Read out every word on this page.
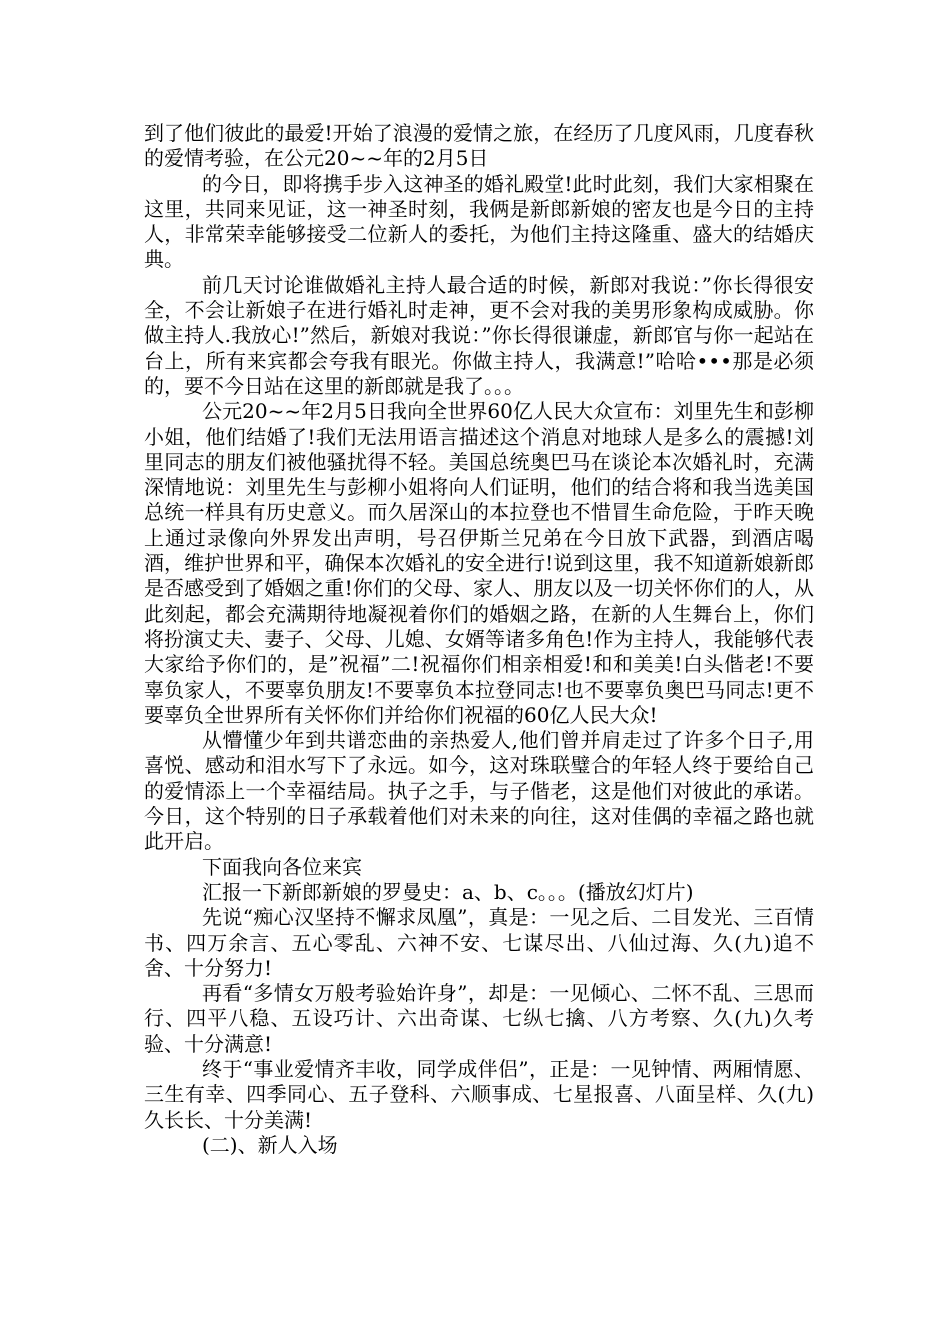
到了他们彼此的最爱!开始了浪漫的爱情之旅，在经历了几度风雨，几度春秋的爱情考验，在公元20~~年的2月5日

的今日，即将携手步入这神圣的婚礼殿堂!此时此刻，我们大家相聚在这里，共同来见证，这一神圣时刻，我俩是新郎新娘的密友也是今日的主持人，非常荣幸能够接受二位新人的委托，为他们主持这隆重、盛大的结婚庆典。

前几天讨论谁做婚礼主持人最合适的时候，新郎对我说：”你长得很安全，不会让新娘子在进行婚礼时走神，更不会对我的美男形象构成威胁。你做主持人.我放心!”然后，新娘对我说：”你长得很谦虚，新郎官与你一起站在台上，所有来宾都会夸我有眼光。你做主持人，我满意!”哈哈•••那是必须的，要不今日站在这里的新郎就是我了。。。

公元20~~年2月5日我向全世界60亿人民大众宣布：刘里先生和彭柳小姐，他们结婚了!我们无法用语言描述这个消息对地球人是多么的震撼!刘里同志的朋友们被他骚扰得不轻。美国总统奥巴马在谈论本次婚礼时，充满深情地说：刘里先生与彭柳小姐将向人们证明，他们的结合将和我当选美国总统一样具有历史意义。而久居深山的本拉登也不惜冒生命危险，于昨天晚上通过录像向外界发出声明，号召伊斯兰兄弟在今日放下武器，到酒店喝酒，维护世界和平，确保本次婚礼的安全进行!说到这里，我不知道新娘新郎是否感受到了婚姻之重!你们的父母、家人、朋友以及一切关怀你们的人，从此刻起，都会充满期待地凝视着你们的婚姻之路，在新的人生舞台上，你们将扮演丈夫、妻子、父母、儿媳、女婿等诸多角色!作为主持人，我能够代表大家给予你们的，是”祝福”二!祝福你们相亲相爱!和和美美!白头偕老!不要辜负家人，不要辜负朋友!不要辜负本拉登同志!也不要辜负奥巴马同志!更不要辜负全世界所有关怀你们并给你们祝福的60亿人民大众!

从懵懂少年到共谱恋曲的亲热爱人,他们曾并肩走过了许多个日子,用喜悦、感动和泪水写下了永远。如今，这对珠联璧合的年轻人终于要给自己的爱情添上一个幸福结局。执子之手，与子偕老，这是他们对彼此的承诺。今日，这个特别的日子承载着他们对未来的向往，这对佳偶的幸福之路也就此开启。

下面我向各位来宾

汇报一下新郎新娘的罗曼史：a、b、c。。。(播放幻灯片)

先说“痴心汉坚持不懈求凤凰”，真是：一见之后、二目发光、三百情书、四万余言、五心零乱、六神不安、七谋尽出、八仙过海、久(九)追不舍、十分努力!

再看“多情女万般考验始许身”，却是：一见倾心、二怀不乱、三思而行、四平八稳、五设巧计、六出奇谋、七纵七擒、八方考察、久(九)久考验、十分满意!

终于“事业爱情齐丰收，同学成伴侣”，正是：一见钟情、两厢情愿、三生有幸、四季同心、五子登科、六顺事成、七星报喜、八面呈样、久(九)久长长、十分美满!

(二)、新人入场
